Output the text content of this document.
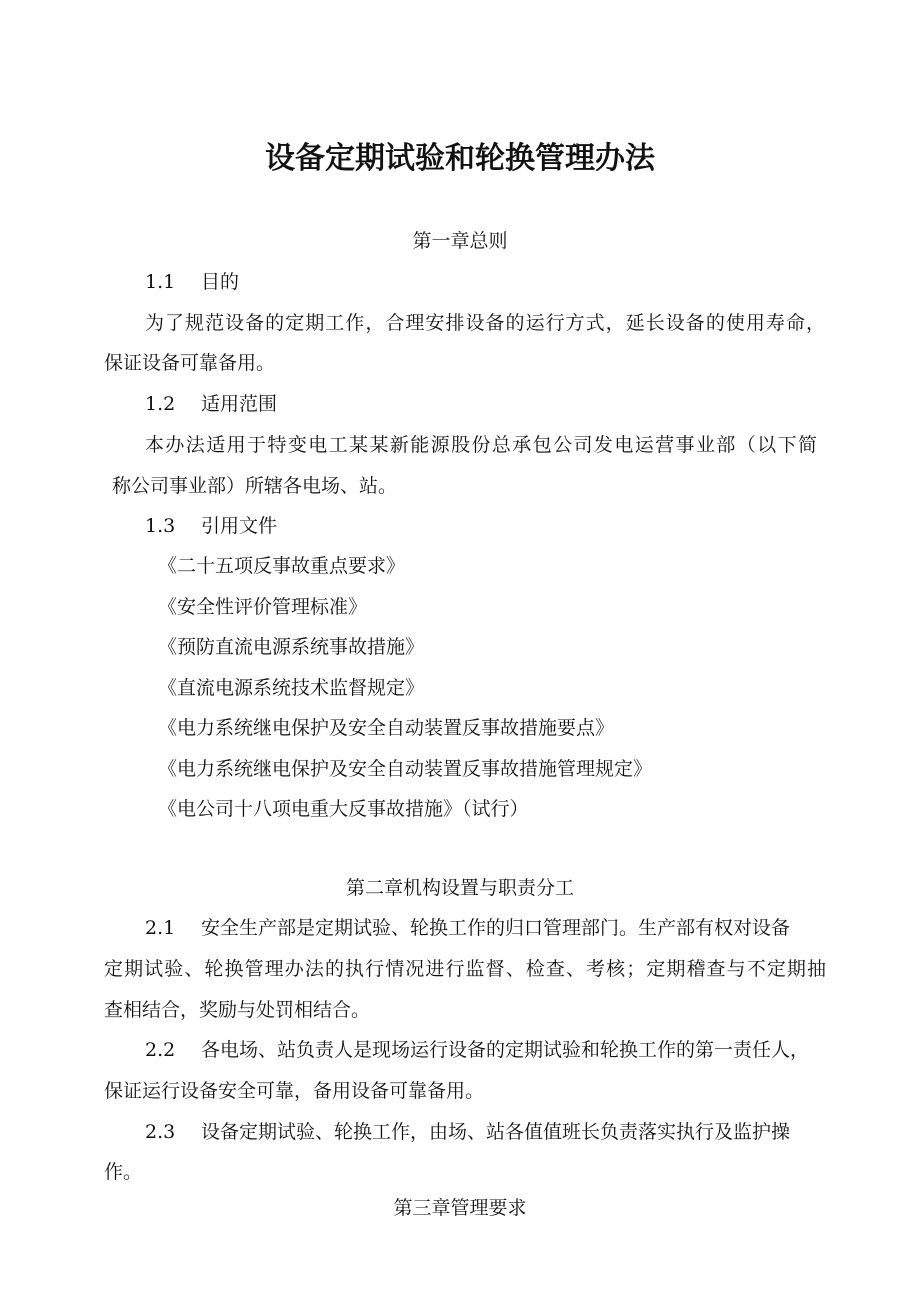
设备定期试验和轮换管理办法
第一章总则
1.1 目的
为了规范设备的定期工作，合理安排设备的运行方式，延长设备的使用寿命，
保证设备可靠备用。
1.2 适用范围
本办法适用于特变电工某某新能源股份总承包公司发电运营事业部（以下简
称公司事业部）所辖各电场、站。
1.3 引用文件
《二十五项反事故重点要求》
《安全性评价管理标准》
《预防直流电源系统事故措施》
《直流电源系统技术监督规定》
《电力系统继电保护及安全自动装置反事故措施要点》
《电力系统继电保护及安全自动装置反事故措施管理规定》
《电公司十八项电重大反事故措施》（试行）
第二章机构设置与职责分工
2.1 安全生产部是定期试验、轮换工作的归口管理部门。生产部有权对设备
定期试验、轮换管理办法的执行情况进行监督、检查、考核；定期稽查与不定期抽
查相结合，奖励与处罚相结合。
2.2 各电场、站负责人是现场运行设备的定期试验和轮换工作的第一责任人，
保证运行设备安全可靠，备用设备可靠备用。
2.3 设备定期试验、轮换工作，由场、站各值值班长负责落实执行及监护操
作。
第三章管理要求
